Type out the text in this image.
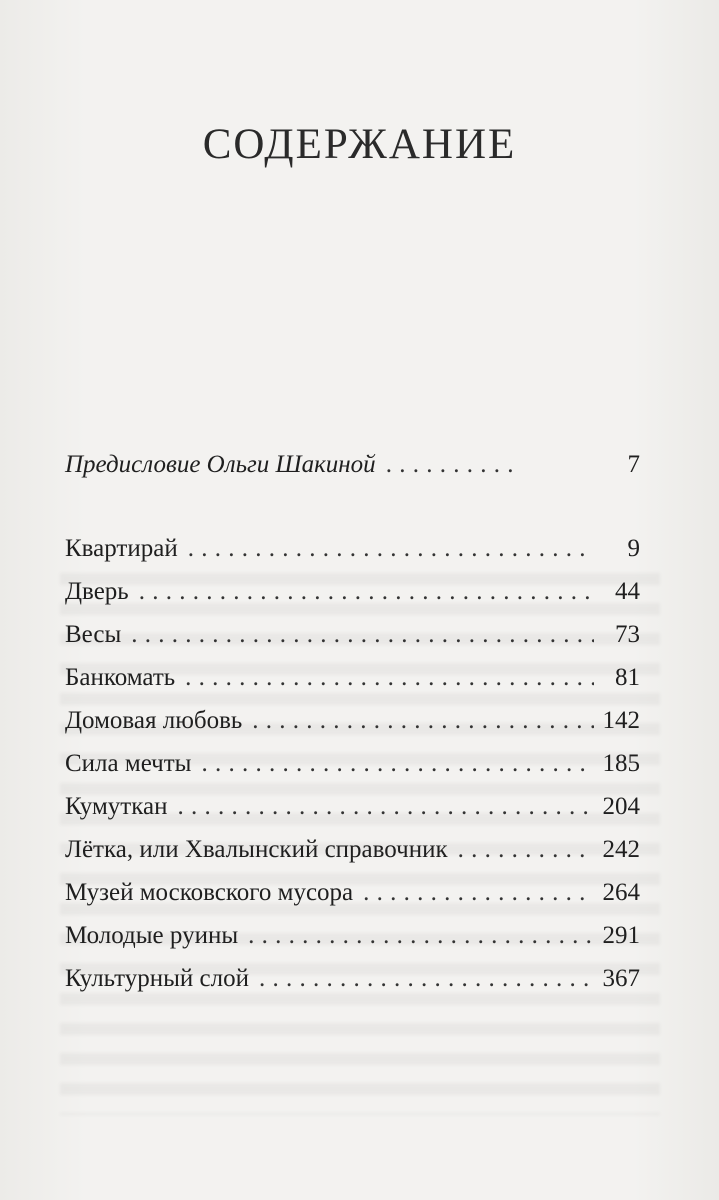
СОДЕРЖАНИЕ
Предисловие Ольги Шакиной . . .	7
Квартирай . . .	9
Дверь . . .	44
Весы . . .	73
Банкомать . . .	81
Домовая любовь . . .	142
Сила мечты . . .	185
Кумуткан . . .	204
Лётка, или Хвалынский справочник . . .	242
Музей московского мусора . . .	264
Молодые руины . . .	291
Культурный слой . . .	367
